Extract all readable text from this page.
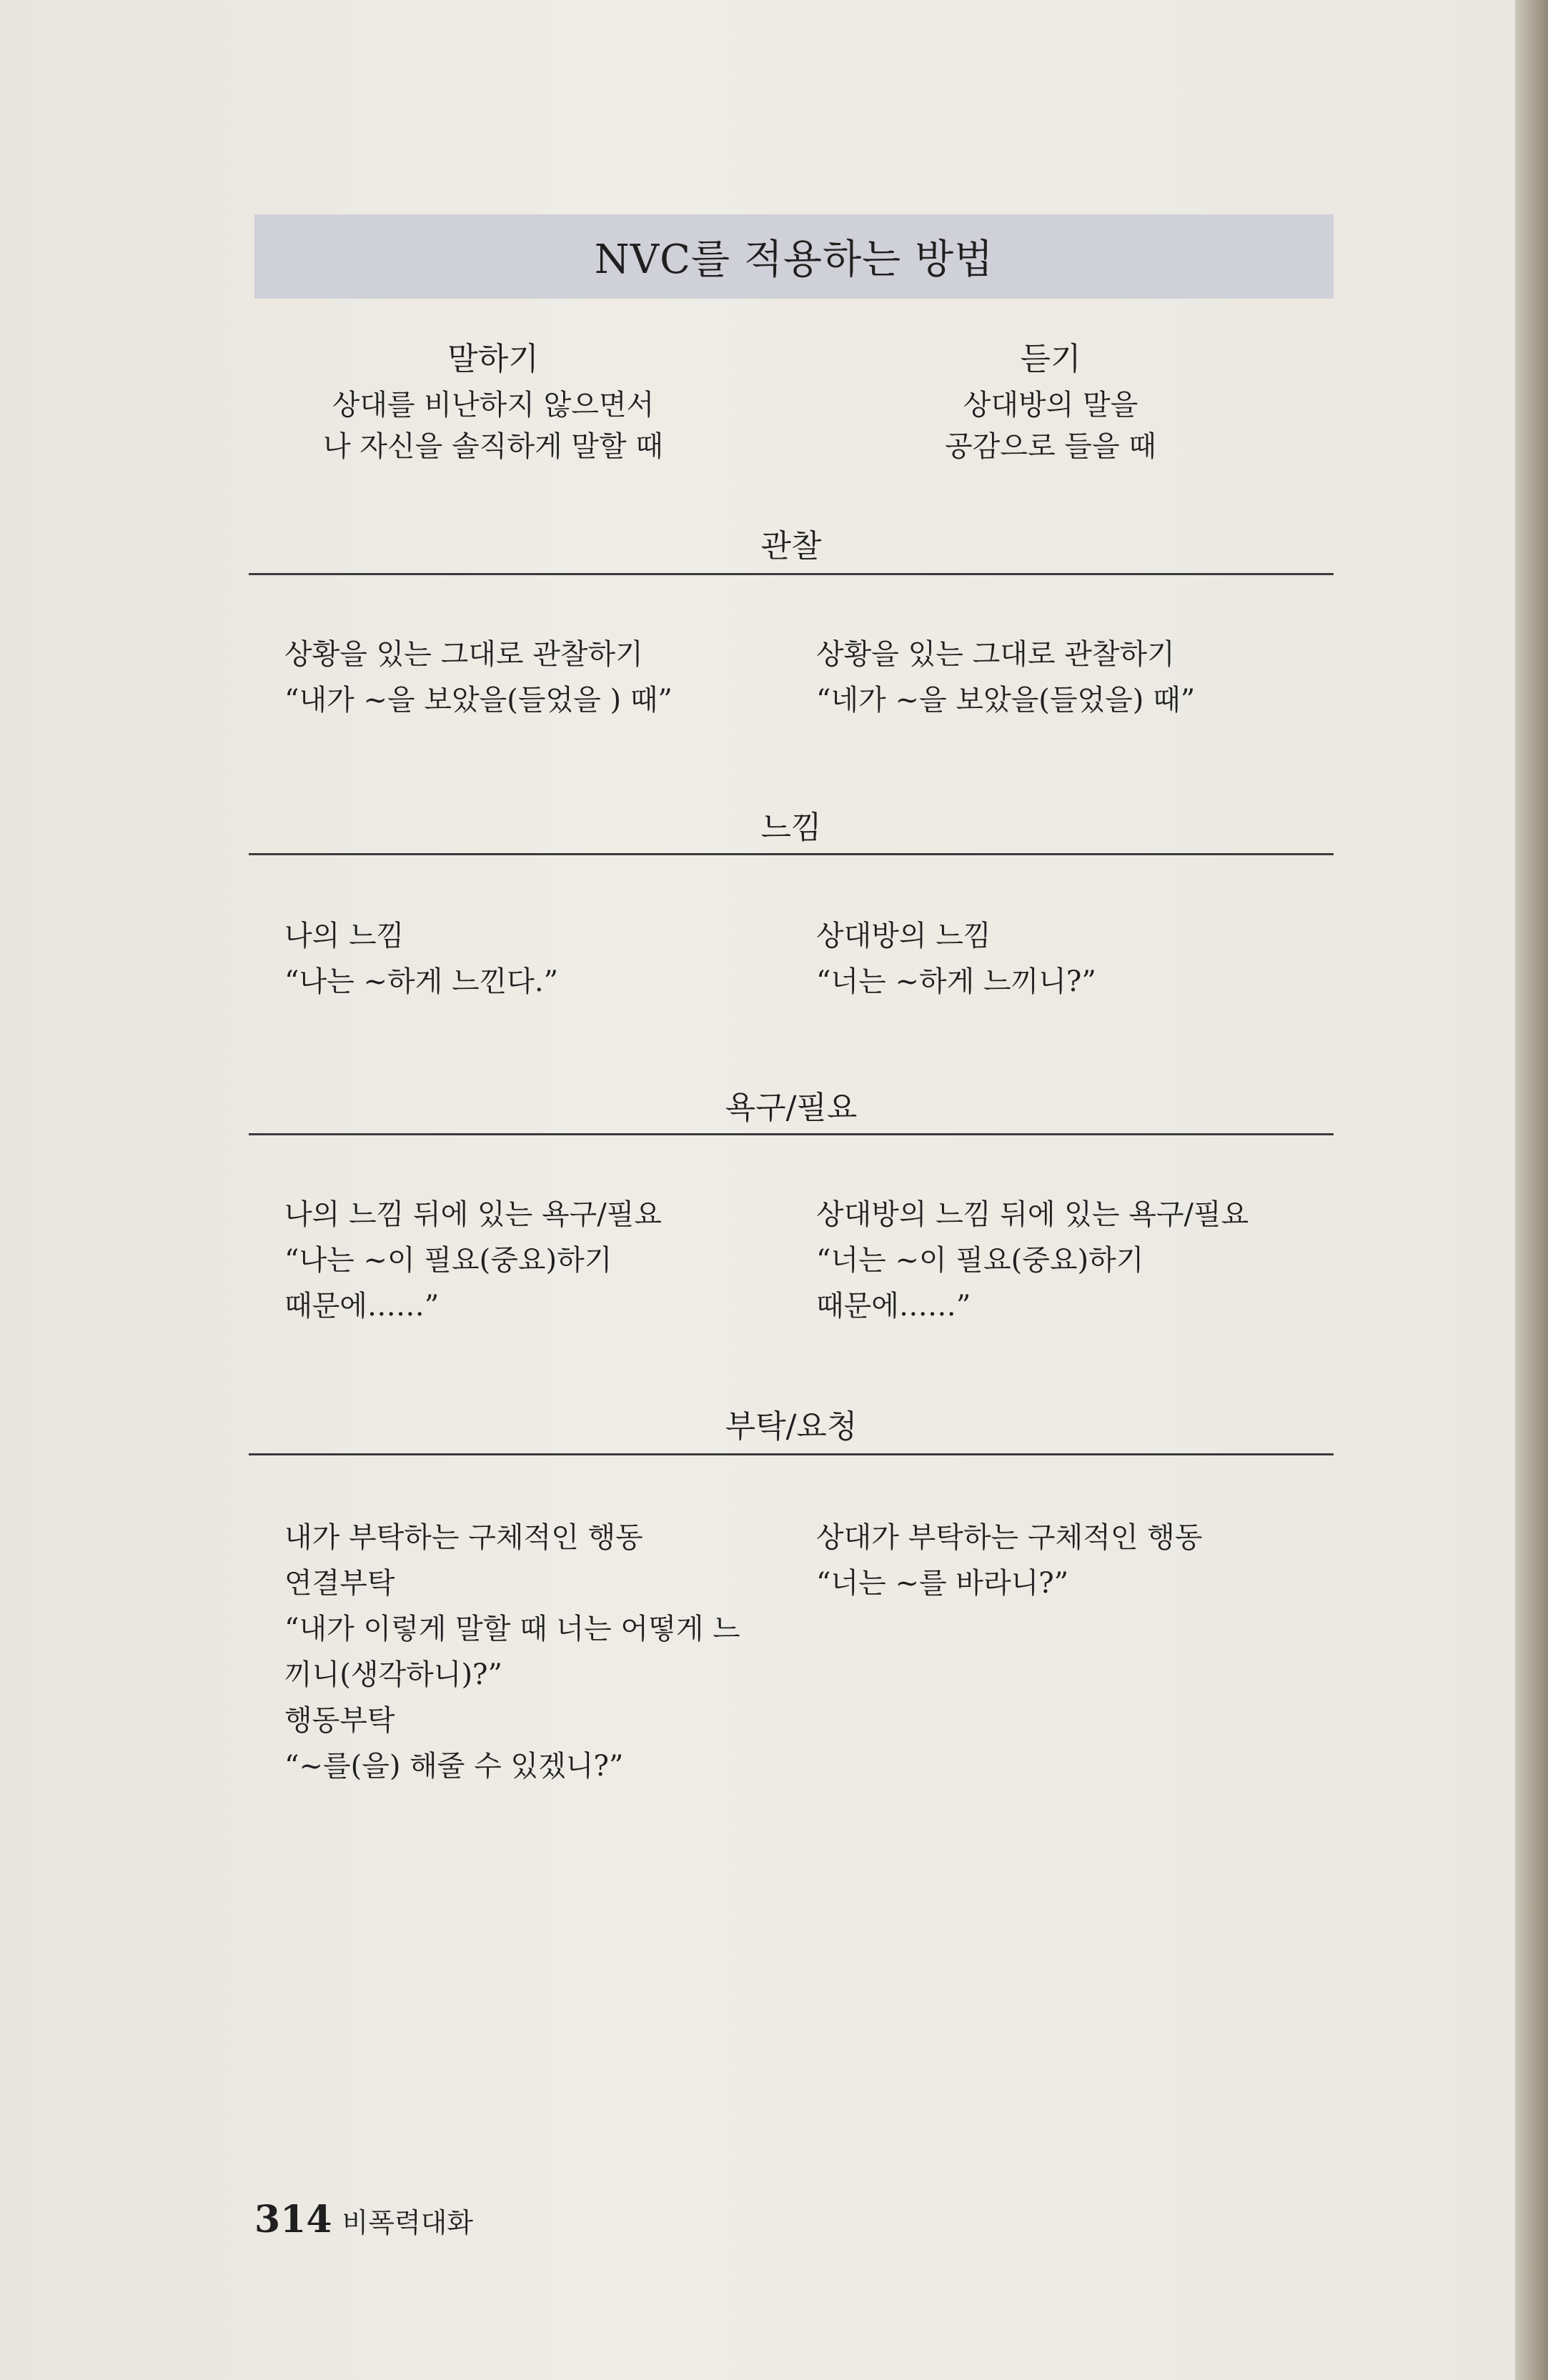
NVC를 적용하는 방법
말하기
상대를 비난하지 않으면서
나 자신을 솔직하게 말할 때
듣기
상대방의 말을
공감으로 들을 때
관찰
상황을 있는 그대로 관찰하기
“내가 ~을 보았을(들었을 ) 때”
상황을 있는 그대로 관찰하기
“네가 ~을 보았을(들었을) 때”
느낌
나의 느낌
“나는 ~하게 느낀다.”
상대방의 느낌
“너는 ~하게 느끼니?”
욕구/필요
나의 느낌 뒤에 있는 욕구/필요
“나는 ~이 필요(중요)하기
때문에……”
상대방의 느낌 뒤에 있는 욕구/필요
“너는 ~이 필요(중요)하기
때문에……”
부탁/요청
내가 부탁하는 구체적인 행동
연결부탁
“내가 이렇게 말할 때 너는 어떻게 느
끼니(생각하니)?”
행동부탁
“~를(을) 해줄 수 있겠니?”
상대가 부탁하는 구체적인 행동
“너는 ~를 바라니?”
314 비폭력대화
